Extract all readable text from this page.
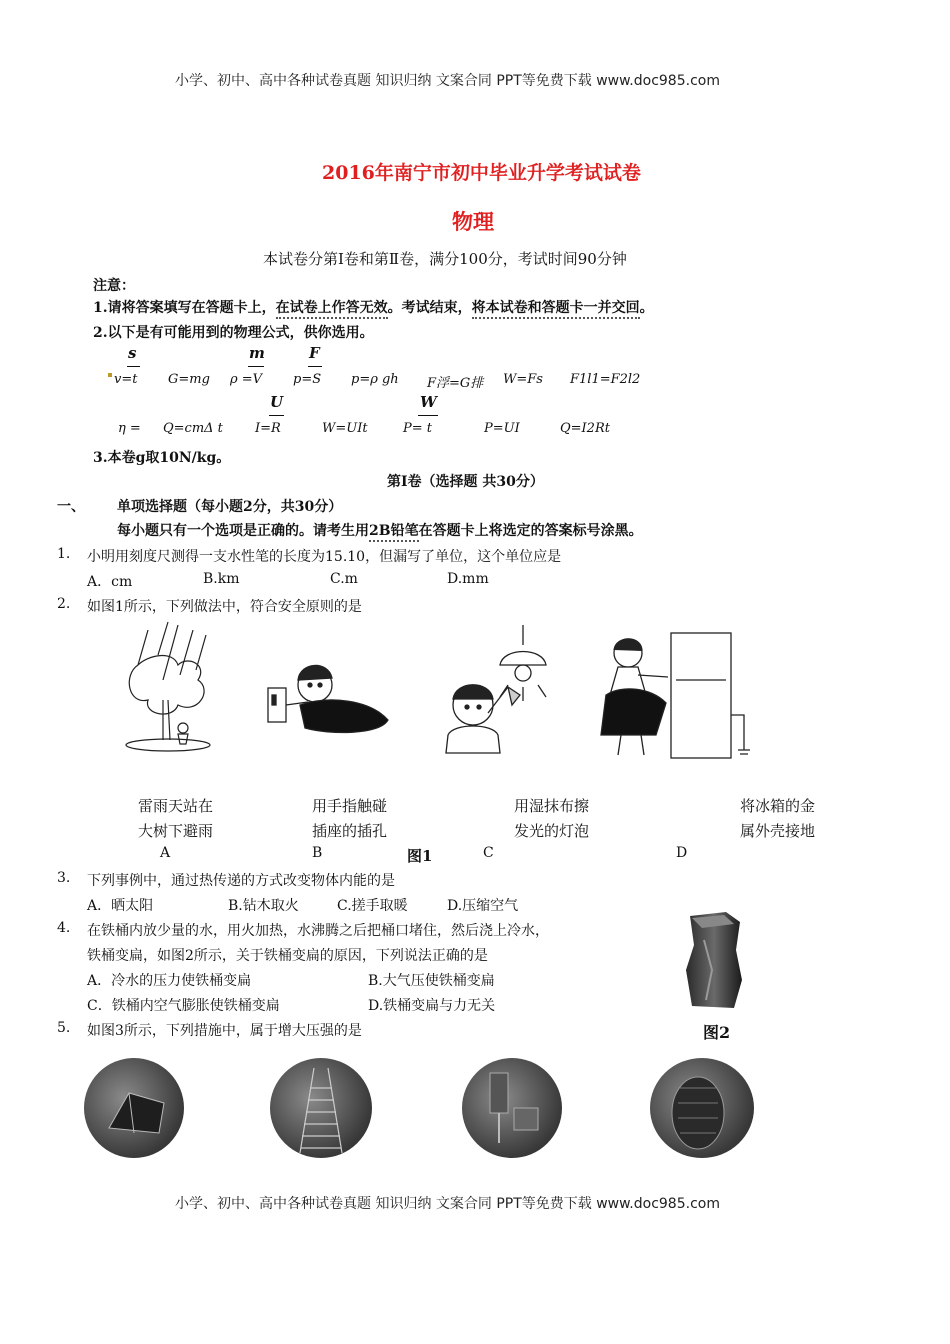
小学、初中、高中各种试卷真题 知识归纳 文案合同 PPT等免费下载 www.doc985.com
2016年南宁市初中毕业升学考试试卷
物理
本试卷分第Ⅰ卷和第Ⅱ卷，满分100分，考试时间90分钟
注意：
1.请将答案填写在答题卡上，在试卷上作答无效。考试结束，将本试卷和答题卡一并交回。
2.以下是有可能用到的物理公式，供你选用。
s	m	F
v=t G=mg ρ =V p=S p=ρ gh F浮=G排 W=Fs F1l1=F2l2
U	W
η = Q=cmΔ t I=R	W=UIt	P= t	P=UI	Q=I2Rt
3.本卷g取10N/kg。
第Ⅰ卷（选择题 共30分）
一、 单项选择题（每小题2分，共30分）
每小题只有一个选项是正确的。请考生用2B铅笔在答题卡上将选定的答案标号涂黑。
1. 小明用刻度尺测得一支水性笔的长度为15.10，但漏写了单位，这个单位应是
A．cm	B.km	C.m	D.mm
2. 如图1所示，下列做法中，符合安全原则的是
雷雨天站在
大树下避雨
A
用手指触碰
插座的插孔
B	图1
用湿抹布擦
发光的灯泡
C
将冰箱的金
属外壳接地
D
3. 下列事例中，通过热传递的方式改变物体内能的是
A．晒太阳	B.钻木取火	C.搓手取暖	D.压缩空气
4. 在铁桶内放少量的水，用火加热，水沸腾之后把桶口堵住，然后浇上冷水，
铁桶变扁，如图2所示，关于铁桶变扁的原因，下列说法正确的是
A．冷水的压力使铁桶变扁	B.大气压使铁桶变扁
C．铁桶内空气膨胀使铁桶变扁	D.铁桶变扁与力无关
图2
5. 如图3所示，下列措施中，属于增大压强的是
小学、初中、高中各种试卷真题 知识归纳 文案合同 PPT等免费下载 www.doc985.com
